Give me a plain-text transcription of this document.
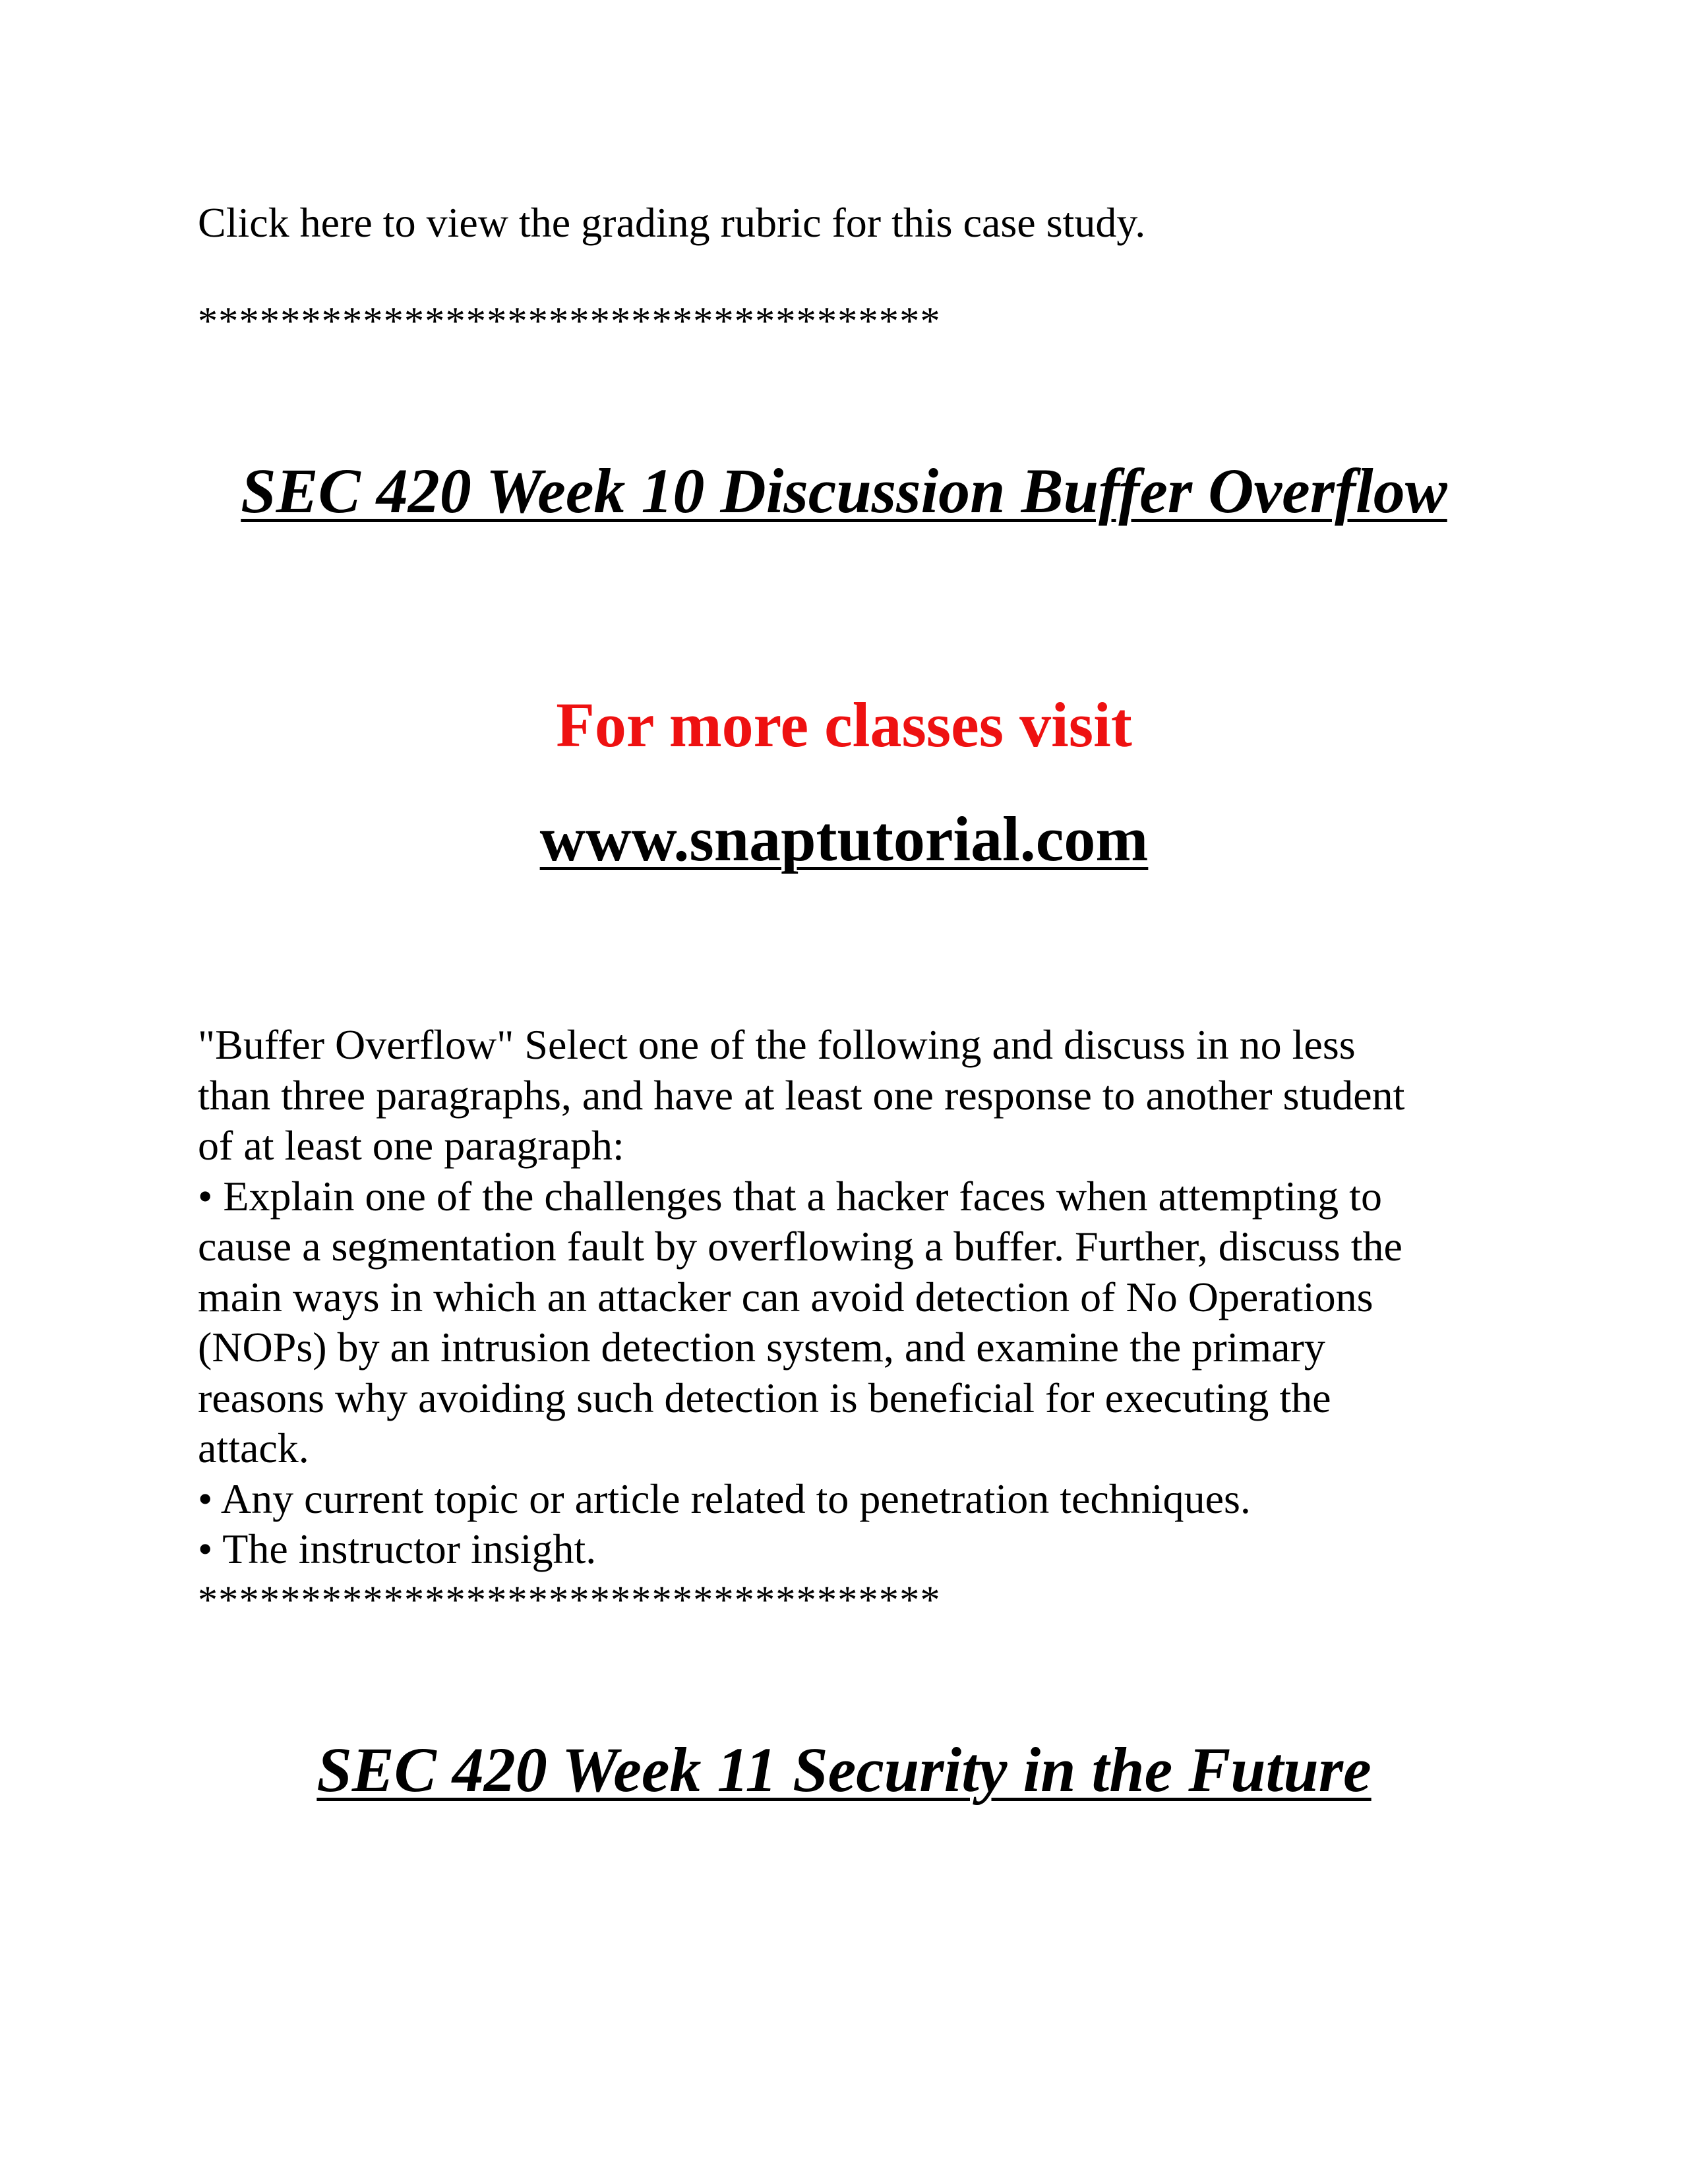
Click here to view the grading rubric for this case study.
************************************
SEC 420 Week 10 Discussion Buffer Overflow
For more classes visit
www.snaptutorial.com
"Buffer Overflow" Select one of the following and discuss in no less
than three paragraphs, and have at least one response to another student
of at least one paragraph:
• Explain one of the challenges that a hacker faces when attempting to
cause a segmentation fault by overflowing a buffer. Further, discuss the
main ways in which an attacker can avoid detection of No Operations
(NOPs) by an intrusion detection system, and examine the primary
reasons why avoiding such detection is beneficial for executing the
attack.
• Any current topic or article related to penetration techniques.
• The instructor insight.
************************************
SEC 420 Week 11 Security in the Future
